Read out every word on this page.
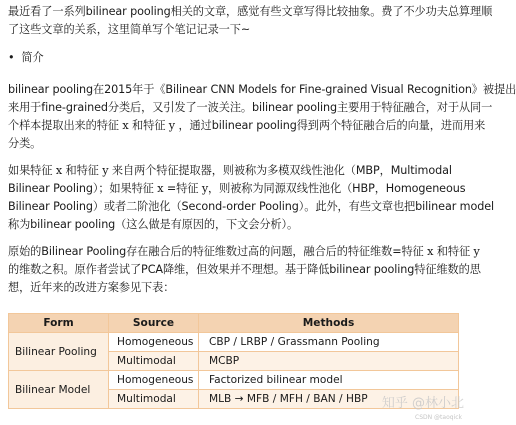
最近看了一系列bilinear pooling相关的文章，感觉有些文章写得比较抽象。费了不少功夫总算理顺
了这些文章的关系，这里简单写个笔记记录一下~
•  简介
bilinear pooling在2015年于《Bilinear CNN Models for Fine-grained Visual Recognition》被提出
来用于fine-grained分类后，又引发了一波关注。bilinear pooling主要用于特征融合，对于从同一
个样本提取出来的特征 x 和特征 y ，通过bilinear pooling得到两个特征融合后的向量，进而用来
分类。
如果特征 x 和特征 y 来自两个特征提取器，则被称为多模双线性池化（MBP，Multimodal
Bilinear Pooling）；如果特征 x =特征 y，则被称为同源双线性池化（HBP，Homogeneous
Bilinear Pooling）或者二阶池化（Second-order Pooling）。此外，有些文章也把bilinear model
称为bilinear pooling（这么做是有原因的，下文会分析）。
原始的Bilinear Pooling存在融合后的特征维数过高的问题，融合后的特征维数=特征 x 和特征 y
的维数之积。原作者尝试了PCA降维，但效果并不理想。基于降低bilinear pooling特征维数的思
想，近年来的改进方案参见下表：
Form	Source	Methods
Bilinear Pooling	Homogeneous	CBP / LRBP / Grassmann Pooling
	Multimodal	MCBP
Bilinear Model	Homogeneous	Factorized bilinear model
	Multimodal	MLB → MFB / MFH / BAN / HBP 知乎 @林小北
CSDN @taoqick
